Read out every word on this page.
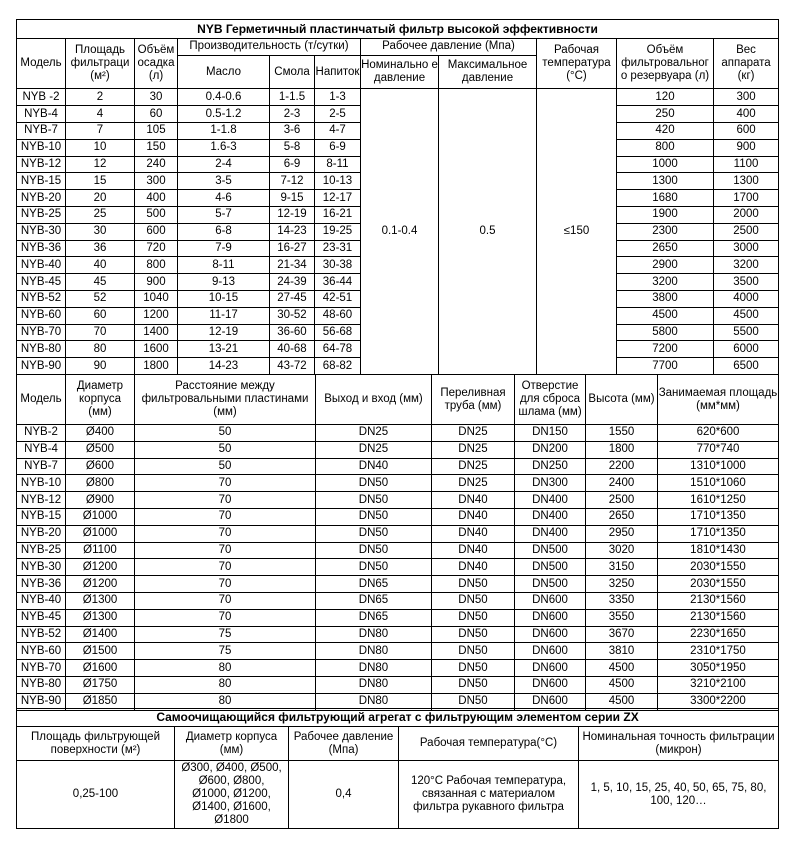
NYB Герметичный пластинчатый фильтр высокой эффективности										
Модель	Площадь фильтраци (м²)	Объём осадка (л)	Производительность (т/сутки)			Рабочее давление (Мпа)		Рабочая температура (°C)	Объём фильтровальног о резервуара (л)	Вес аппарата (кг)
			Масло	Смола	Напиток	Номинально е давление	Максимальное давление			

NYB -2	2	30	0.4-0.6	1-1.5	1-3	0.1-0.4	0.5	≤150	120	300
NYB-4	4	60	0.5-1.2	2-3	2-5				250	400
NYB-7	7	105	1-1.8	3-6	4-7				420	600
NYB-10	10	150	1.6-3	5-8	6-9				800	900
NYB-12	12	240	2-4	6-9	8-11				1000	1100
NYB-15	15	300	3-5	7-12	10-13				1300	1300
NYB-20	20	400	4-6	9-15	12-17				1680	1700
NYB-25	25	500	5-7	12-19	16-21				1900	2000
NYB-30	30	600	6-8	14-23	19-25				2300	2500
NYB-36	36	720	7-9	16-27	23-31				2650	3000
NYB-40	40	800	8-11	21-34	30-38				2900	3200
NYB-45	45	900	9-13	24-39	36-44				3200	3500
NYB-52	52	1040	10-15	27-45	42-51				3800	4000
NYB-60	60	1200	11-17	30-52	48-60				4500	4500
NYB-70	70	1400	12-19	36-60	56-68				5800	5500
NYB-80	80	1600	13-21	40-68	64-78				7200	6000
NYB-90	90	1800	14-23	43-72	68-82				7700	6500
Модель	Диаметр корпуса (мм)	Расстояние между фильтровальными пластинами (мм)	Выход и вход (мм)	Переливная труба (мм)	Отверстие для сброса шлама (мм)	Высота (мм)	Занимаемая площадь (мм*мм)
NYB-2	Ø400	50	DN25	DN25	DN150	1550	620*600
NYB-4	Ø500	50	DN25	DN25	DN200	1800	770*740
NYB-7	Ø600	50	DN40	DN25	DN250	2200	1310*1000
NYB-10	Ø800	70	DN50	DN25	DN300	2400	1510*1060
NYB-12	Ø900	70	DN50	DN40	DN400	2500	1610*1250
NYB-15	Ø1000	70	DN50	DN40	DN400	2650	1710*1350
NYB-20	Ø1000	70	DN50	DN40	DN400	2950	1710*1350
NYB-25	Ø1100	70	DN50	DN40	DN500	3020	1810*1430
NYB-30	Ø1200	70	DN50	DN40	DN500	3150	2030*1550
NYB-36	Ø1200	70	DN65	DN50	DN500	3250	2030*1550
NYB-40	Ø1300	70	DN65	DN50	DN600	3350	2130*1560
NYB-45	Ø1300	70	DN65	DN50	DN600	3550	2130*1560
NYB-52	Ø1400	75	DN80	DN50	DN600	3670	2230*1650
NYB-60	Ø1500	75	DN80	DN50	DN600	3810	2310*1750
NYB-70	Ø1600	80	DN80	DN50	DN600	4500	3050*1950
NYB-80	Ø1750	80	DN80	DN50	DN600	4500	3210*2100
NYB-90	Ø1850	80	DN80	DN50	DN600	4500	3300*2200
Самоочищающийся фильтрующий агрегат с фильтрующим элементом серии ZX				
Площадь фильтрующей поверхности (м²)	Диаметр корпуса (мм)	Рабочее давление (Мпа)	Рабочая температура(°C)	Номинальная точность фильтрации (микрон)
0,25-100	Ø300, Ø400, Ø500, Ø600, Ø800, Ø1000, Ø1200, Ø1400, Ø1600, Ø1800	0,4	120°C Рабочая температура, связанная с материалом фильтра рукавного фильтра	1, 5, 10, 15, 25, 40, 50, 65, 75, 80, 100, 120…
